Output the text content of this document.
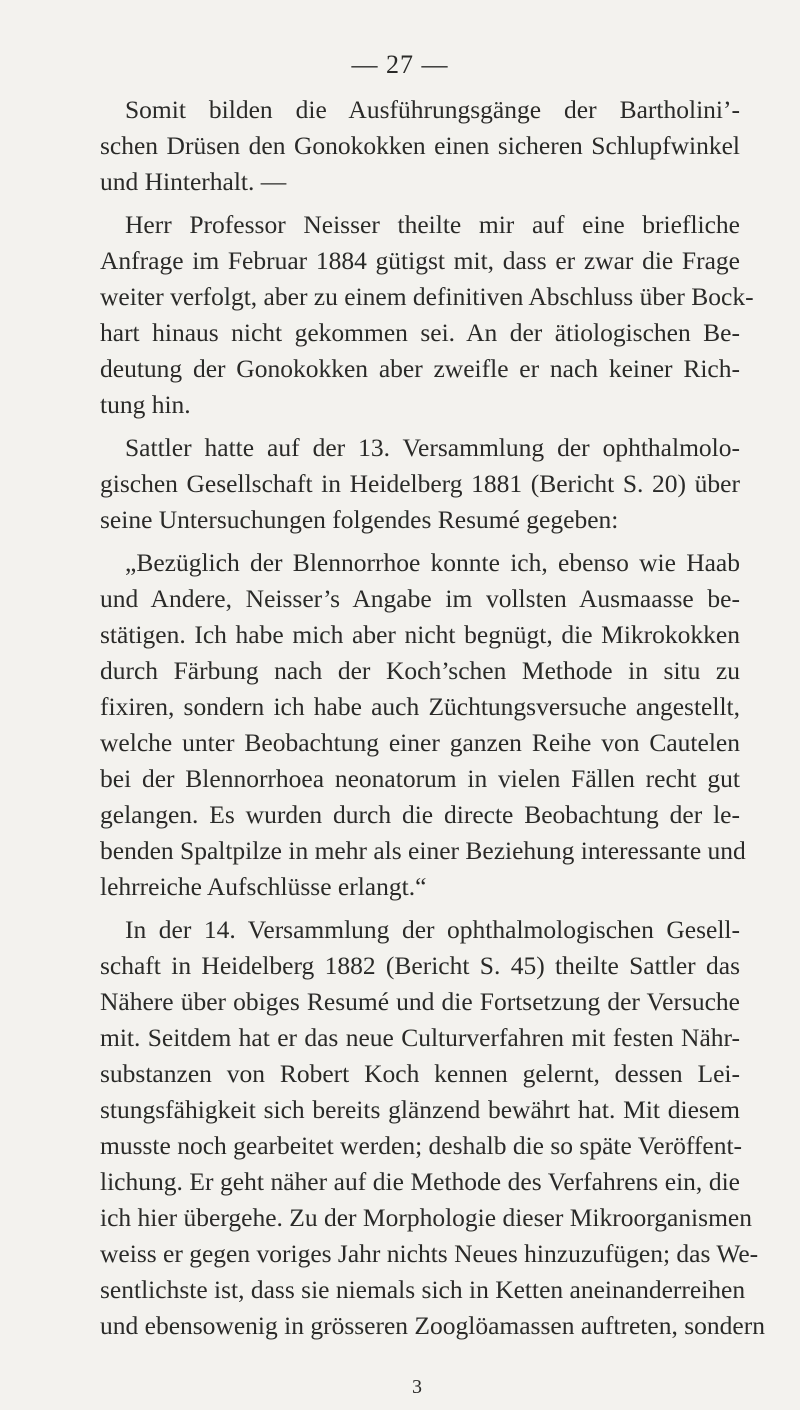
— 27 —
Somit bilden die Ausführungsgänge der Bartholini’-
schen Drüsen den Gonokokken einen sicheren Schlupfwinkel
und Hinterhalt. —
Herr Professor Neisser theilte mir auf eine briefliche
Anfrage im Februar 1884 gütigst mit, dass er zwar die Frage
weiter verfolgt, aber zu einem definitiven Abschluss über Bock-
hart hinaus nicht gekommen sei. An der ätiologischen Be-
deutung der Gonokokken aber zweifle er nach keiner Rich-
tung hin.
Sattler hatte auf der 13. Versammlung der ophthalmolo-
gischen Gesellschaft in Heidelberg 1881 (Bericht S. 20) über
seine Untersuchungen folgendes Resumé gegeben:
„Bezüglich der Blennorrhoe konnte ich, ebenso wie Haab
und Andere, Neisser’s Angabe im vollsten Ausmaasse be-
stätigen. Ich habe mich aber nicht begnügt, die Mikrokokken
durch Färbung nach der Koch’schen Methode in situ zu
fixiren, sondern ich habe auch Züchtungsversuche angestellt,
welche unter Beobachtung einer ganzen Reihe von Cautelen
bei der Blennorrhoea neonatorum in vielen Fällen recht gut
gelangen. Es wurden durch die directe Beobachtung der le-
benden Spaltpilze in mehr als einer Beziehung interessante und
lehrreiche Aufschlüsse erlangt.“
In der 14. Versammlung der ophthalmologischen Gesell-
schaft in Heidelberg 1882 (Bericht S. 45) theilte Sattler das
Nähere über obiges Resumé und die Fortsetzung der Versuche
mit. Seitdem hat er das neue Culturverfahren mit festen Nähr-
substanzen von Robert Koch kennen gelernt, dessen Lei-
stungsfähigkeit sich bereits glänzend bewährt hat. Mit diesem
musste noch gearbeitet werden; deshalb die so späte Veröffent-
lichung. Er geht näher auf die Methode des Verfahrens ein, die
ich hier übergehe. Zu der Morphologie dieser Mikroorganismen
weiss er gegen voriges Jahr nichts Neues hinzuzufügen; das We-
sentlichste ist, dass sie niemals sich in Ketten aneinanderreihen
und ebensowenig in grösseren Zooglöamassen auftreten, sondern
3
